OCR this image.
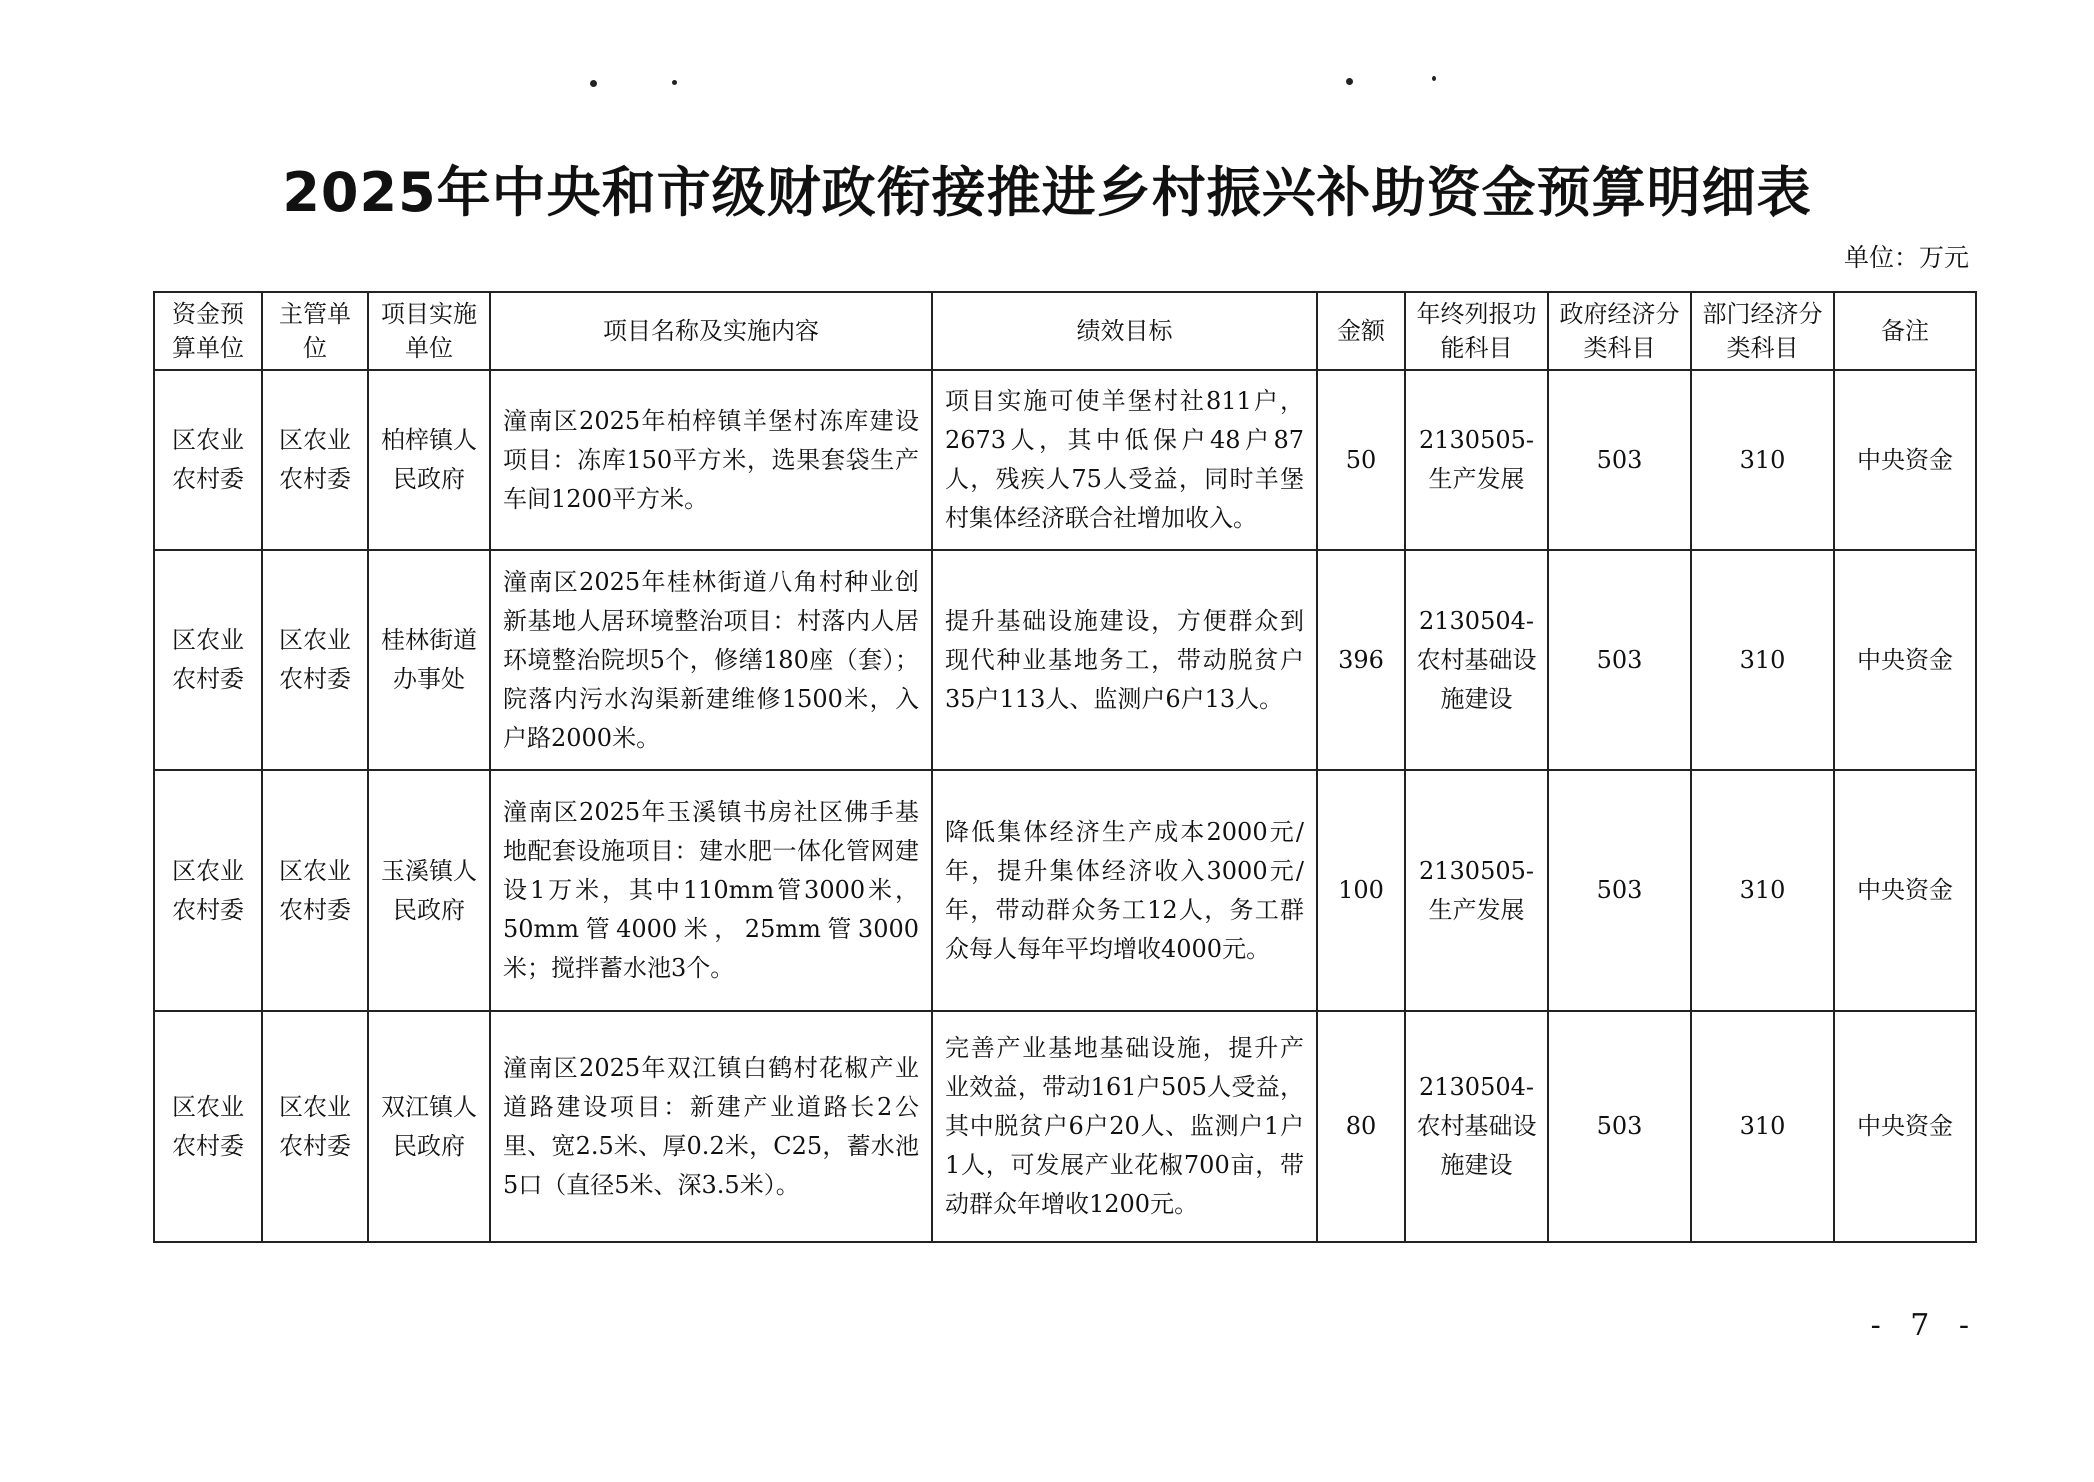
2025年中央和市级财政衔接推进乡村振兴补助资金预算明细表
单位：万元
资金预算单位	主管单位	项目实施单位	项目名称及实施内容	绩效目标	金额	年终列报功能科目	政府经济分类科目	部门经济分类科目	备注
区农业农村委	区农业农村委	柏梓镇人民政府	潼南区2025年柏梓镇羊堡村冻库建设项目：冻库150平方米，选果套袋生产车间1200平方米。	项目实施可使羊堡村社811户，2673人，其中低保户48户87人，残疾人75人受益，同时羊堡村集体经济联合社增加收入。	50	2130505-生产发展	503	310	中央资金
区农业农村委	区农业农村委	桂林街道办事处	潼南区2025年桂林街道八角村种业创新基地人居环境整治项目：村落内人居环境整治院坝5个，修缮180座（套）；院落内污水沟渠新建维修1500米，入户路2000米。	提升基础设施建设，方便群众到现代种业基地务工，带动脱贫户35户113人、监测户6户13人。	396	2130504-农村基础设施建设	503	310	中央资金
区农业农村委	区农业农村委	玉溪镇人民政府	潼南区2025年玉溪镇书房社区佛手基地配套设施项目：建水肥一体化管网建设1万米，其中110mm管3000米，50mm管4000米，25mm管3000米；搅拌蓄水池3个。	降低集体经济生产成本2000元/年，提升集体经济收入3000元/年，带动群众务工12人，务工群众每人每年平均增收4000元。	100	2130505-生产发展	503	310	中央资金
区农业农村委	区农业农村委	双江镇人民政府	潼南区2025年双江镇白鹤村花椒产业道路建设项目：新建产业道路长2公里、宽2.5米、厚0.2米，C25，蓄水池5口（直径5米、深3.5米）。	完善产业基地基础设施，提升产业效益，带动161户505人受益，其中脱贫户6户20人、监测户1户1人，可发展产业花椒700亩，带动群众年增收1200元。	80	2130504-农村基础设施建设	503	310	中央资金
- 7 -
